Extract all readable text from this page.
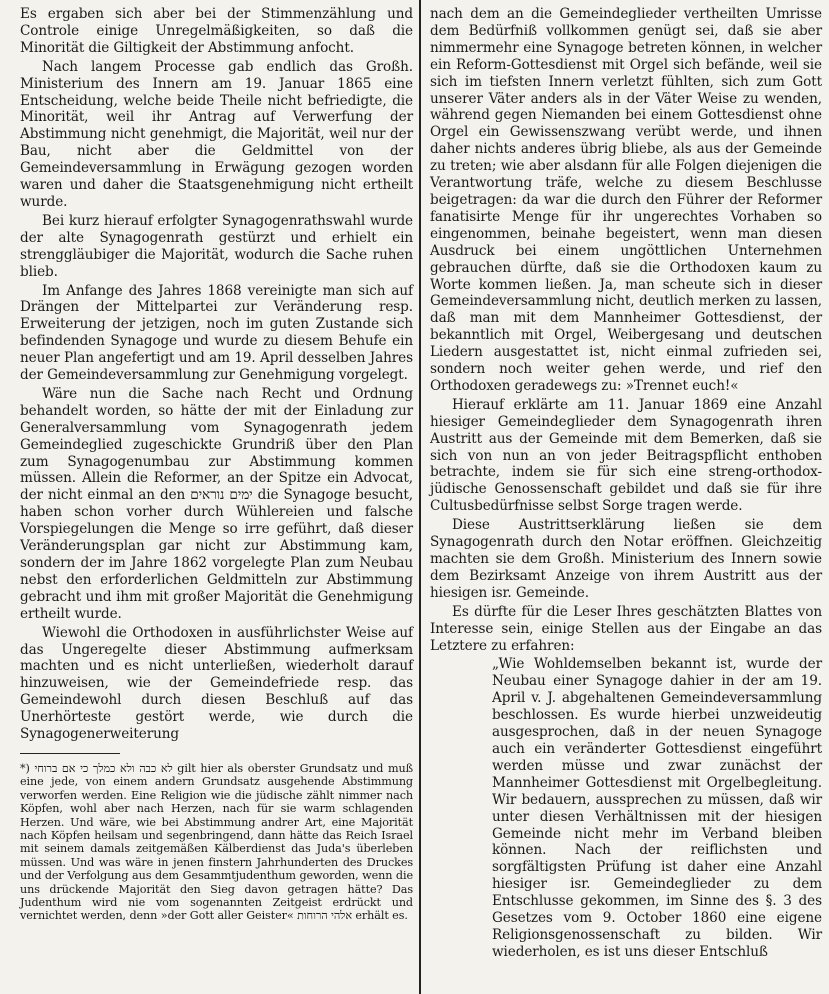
Es ergaben sich aber bei der Stimmenzählung und Controle einige Unregelmäßigkeiten, so daß die Minorität die Giltigkeit der Abstimmung anfocht.

Nach langem Processe gab endlich das Großh. Ministerium des Innern am 19. Januar 1865 eine Entscheidung, welche beide Theile nicht befriedigte, die Minorität, weil ihr Antrag auf Verwerfung der Abstimmung nicht genehmigt, die Majorität, weil nur der Bau, nicht aber die Geldmittel von der Gemeindeversammlung in Erwägung gezogen worden waren und daher die Staatsgenehmigung nicht ertheilt wurde.

Bei kurz hierauf erfolgter Synagogenrathswahl wurde der alte Synagogenrath gestürzt und erhielt ein strenggläubiger die Majorität, wodurch die Sache ruhen blieb.

Im Anfange des Jahres 1868 vereinigte man sich auf Drängen der Mittelpartei zur Veränderung resp. Erweiterung der jetzigen, noch im guten Zustande sich befindenden Synagoge und wurde zu diesem Behufe ein neuer Plan angefertigt und am 19. April desselben Jahres der Gemeindeversammlung zur Genehmigung vorgelegt.

Wäre nun die Sache nach Recht und Ordnung behandelt worden, so hätte der mit der Einladung zur Generalversammlung vom Synagogenrath jedem Gemeindeglied zugeschickte Grundriß über den Plan zum Synagogenumbau zur Abstimmung kommen müssen. Allein die Reformer, an der Spitze ein Advocat, der nicht einmal an den ימים נוראים die Synagoge besucht, haben schon vorher durch Wühlereien und falsche Vorspiegelungen die Menge so irre geführt, daß dieser Veränderungsplan gar nicht zur Abstimmung kam, sondern der im Jahre 1862 vorgelegte Plan zum Neubau nebst den erforderlichen Geldmitteln zur Abstimmung gebracht und ihm mit großer Majorität die Genehmigung ertheilt wurde.

Wiewohl die Orthodoxen in ausführlichster Weise auf das Ungeregelte dieser Abstimmung aufmerksam machten und es nicht unterließen, wiederholt darauf hinzuweisen, wie der Gemeindefriede resp. das Gemeindewohl durch diesen Beschluß auf das Unerhörteste gestört werde, wie durch die Synagogenerweiterung

*) לא כבה ולא כמלך כי אם ברוחי gilt hier als oberster Grundsatz und muß eine jede, von einem andern Grundsatz ausgehende Abstimmung verworfen werden. Eine Religion wie die jüdische zählt nimmer nach Köpfen, wohl aber nach Herzen, nach für sie warm schlagenden Herzen. Und wäre, wie bei Abstimmung andrer Art, eine Majorität nach Köpfen heilsam und segenbringend, dann hätte das Reich Israel mit seinem damals zeitgemäßen Kälberdienst das Juda's überleben müssen. Und was wäre in jenen finstern Jahrhunderten des Druckes und der Verfolgung aus dem Gesammtjudenthum geworden, wenn die uns drückende Majorität den Sieg davon getragen hätte? Das Judenthum wird nie vom sogenannten Zeitgeist erdrückt und vernichtet werden, denn »der Gott aller Geister« אלהי הרוחות erhält es.

nach dem an die Gemeindeglieder vertheilten Umrisse dem Bedürfniß vollkommen genügt sei, daß sie aber nimmermehr eine Synagoge betreten können, in welcher ein Reform-Gottesdienst mit Orgel sich befände, weil sie sich im tiefsten Innern verletzt fühlten, sich zum Gott unserer Väter anders als in der Väter Weise zu wenden, während gegen Niemanden bei einem Gottesdienst ohne Orgel ein Gewissenszwang verübt werde, und ihnen daher nichts anderes übrig bliebe, als aus der Gemeinde zu treten; wie aber alsdann für alle Folgen diejenigen die Verantwortung träfe, welche zu diesem Beschlusse beigetragen: da war die durch den Führer der Reformer fanatisirte Menge für ihr ungerechtes Vorhaben so eingenommen, beinahe begeistert, wenn man diesen Ausdruck bei einem ungöttlichen Unternehmen gebrauchen dürfte, daß sie die Orthodoxen kaum zu Worte kommen ließen. Ja, man scheute sich in dieser Gemeindeversammlung nicht, deutlich merken zu lassen, daß man mit dem Mannheimer Gottesdienst, der bekanntlich mit Orgel, Weibergesang und deutschen Liedern ausgestattet ist, nicht einmal zufrieden sei, sondern noch weiter gehen werde, und rief den Orthodoxen geradewegs zu: »Trennet euch!«

Hierauf erklärte am 11. Januar 1869 eine Anzahl hiesiger Gemeindeglieder dem Synagogenrath ihren Austritt aus der Gemeinde mit dem Bemerken, daß sie sich von nun an von jeder Beitragspflicht enthoben betrachte, indem sie für sich eine streng-orthodox-jüdische Genossenschaft gebildet und daß sie für ihre Cultusbedürfnisse selbst Sorge tragen werde.

Diese Austrittserklärung ließen sie dem Synagogenrath durch den Notar eröffnen. Gleichzeitig machten sie dem Großh. Ministerium des Innern sowie dem Bezirksamt Anzeige von ihrem Austritt aus der hiesigen isr. Gemeinde.

Es dürfte für die Leser Ihres geschätzten Blattes von Interesse sein, einige Stellen aus der Eingabe an das Letztere zu erfahren:

„Wie Wohldemselben bekannt ist, wurde der Neubau einer Synagoge dahier in der am 19. April v. J. abgehaltenen Gemeindeversammlung beschlossen. Es wurde hierbei unzweideutig ausgesprochen, daß in der neuen Synagoge auch ein veränderter Gottesdienst eingeführt werden müsse und zwar zunächst der Mannheimer Gottesdienst mit Orgelbegleitung. Wir bedauern, aussprechen zu müssen, daß wir unter diesen Verhältnissen mit der hiesigen Gemeinde nicht mehr im Verband bleiben können. Nach der reiflichsten und sorgfältigsten Prüfung ist daher eine Anzahl hiesiger isr. Gemeindeglieder zu dem Entschlusse gekommen, im Sinne des §. 3 des Gesetzes vom 9. October 1860 eine eigene Religionsgenossenschaft zu bilden. Wir wiederholen, es ist uns dieser Entschluß
